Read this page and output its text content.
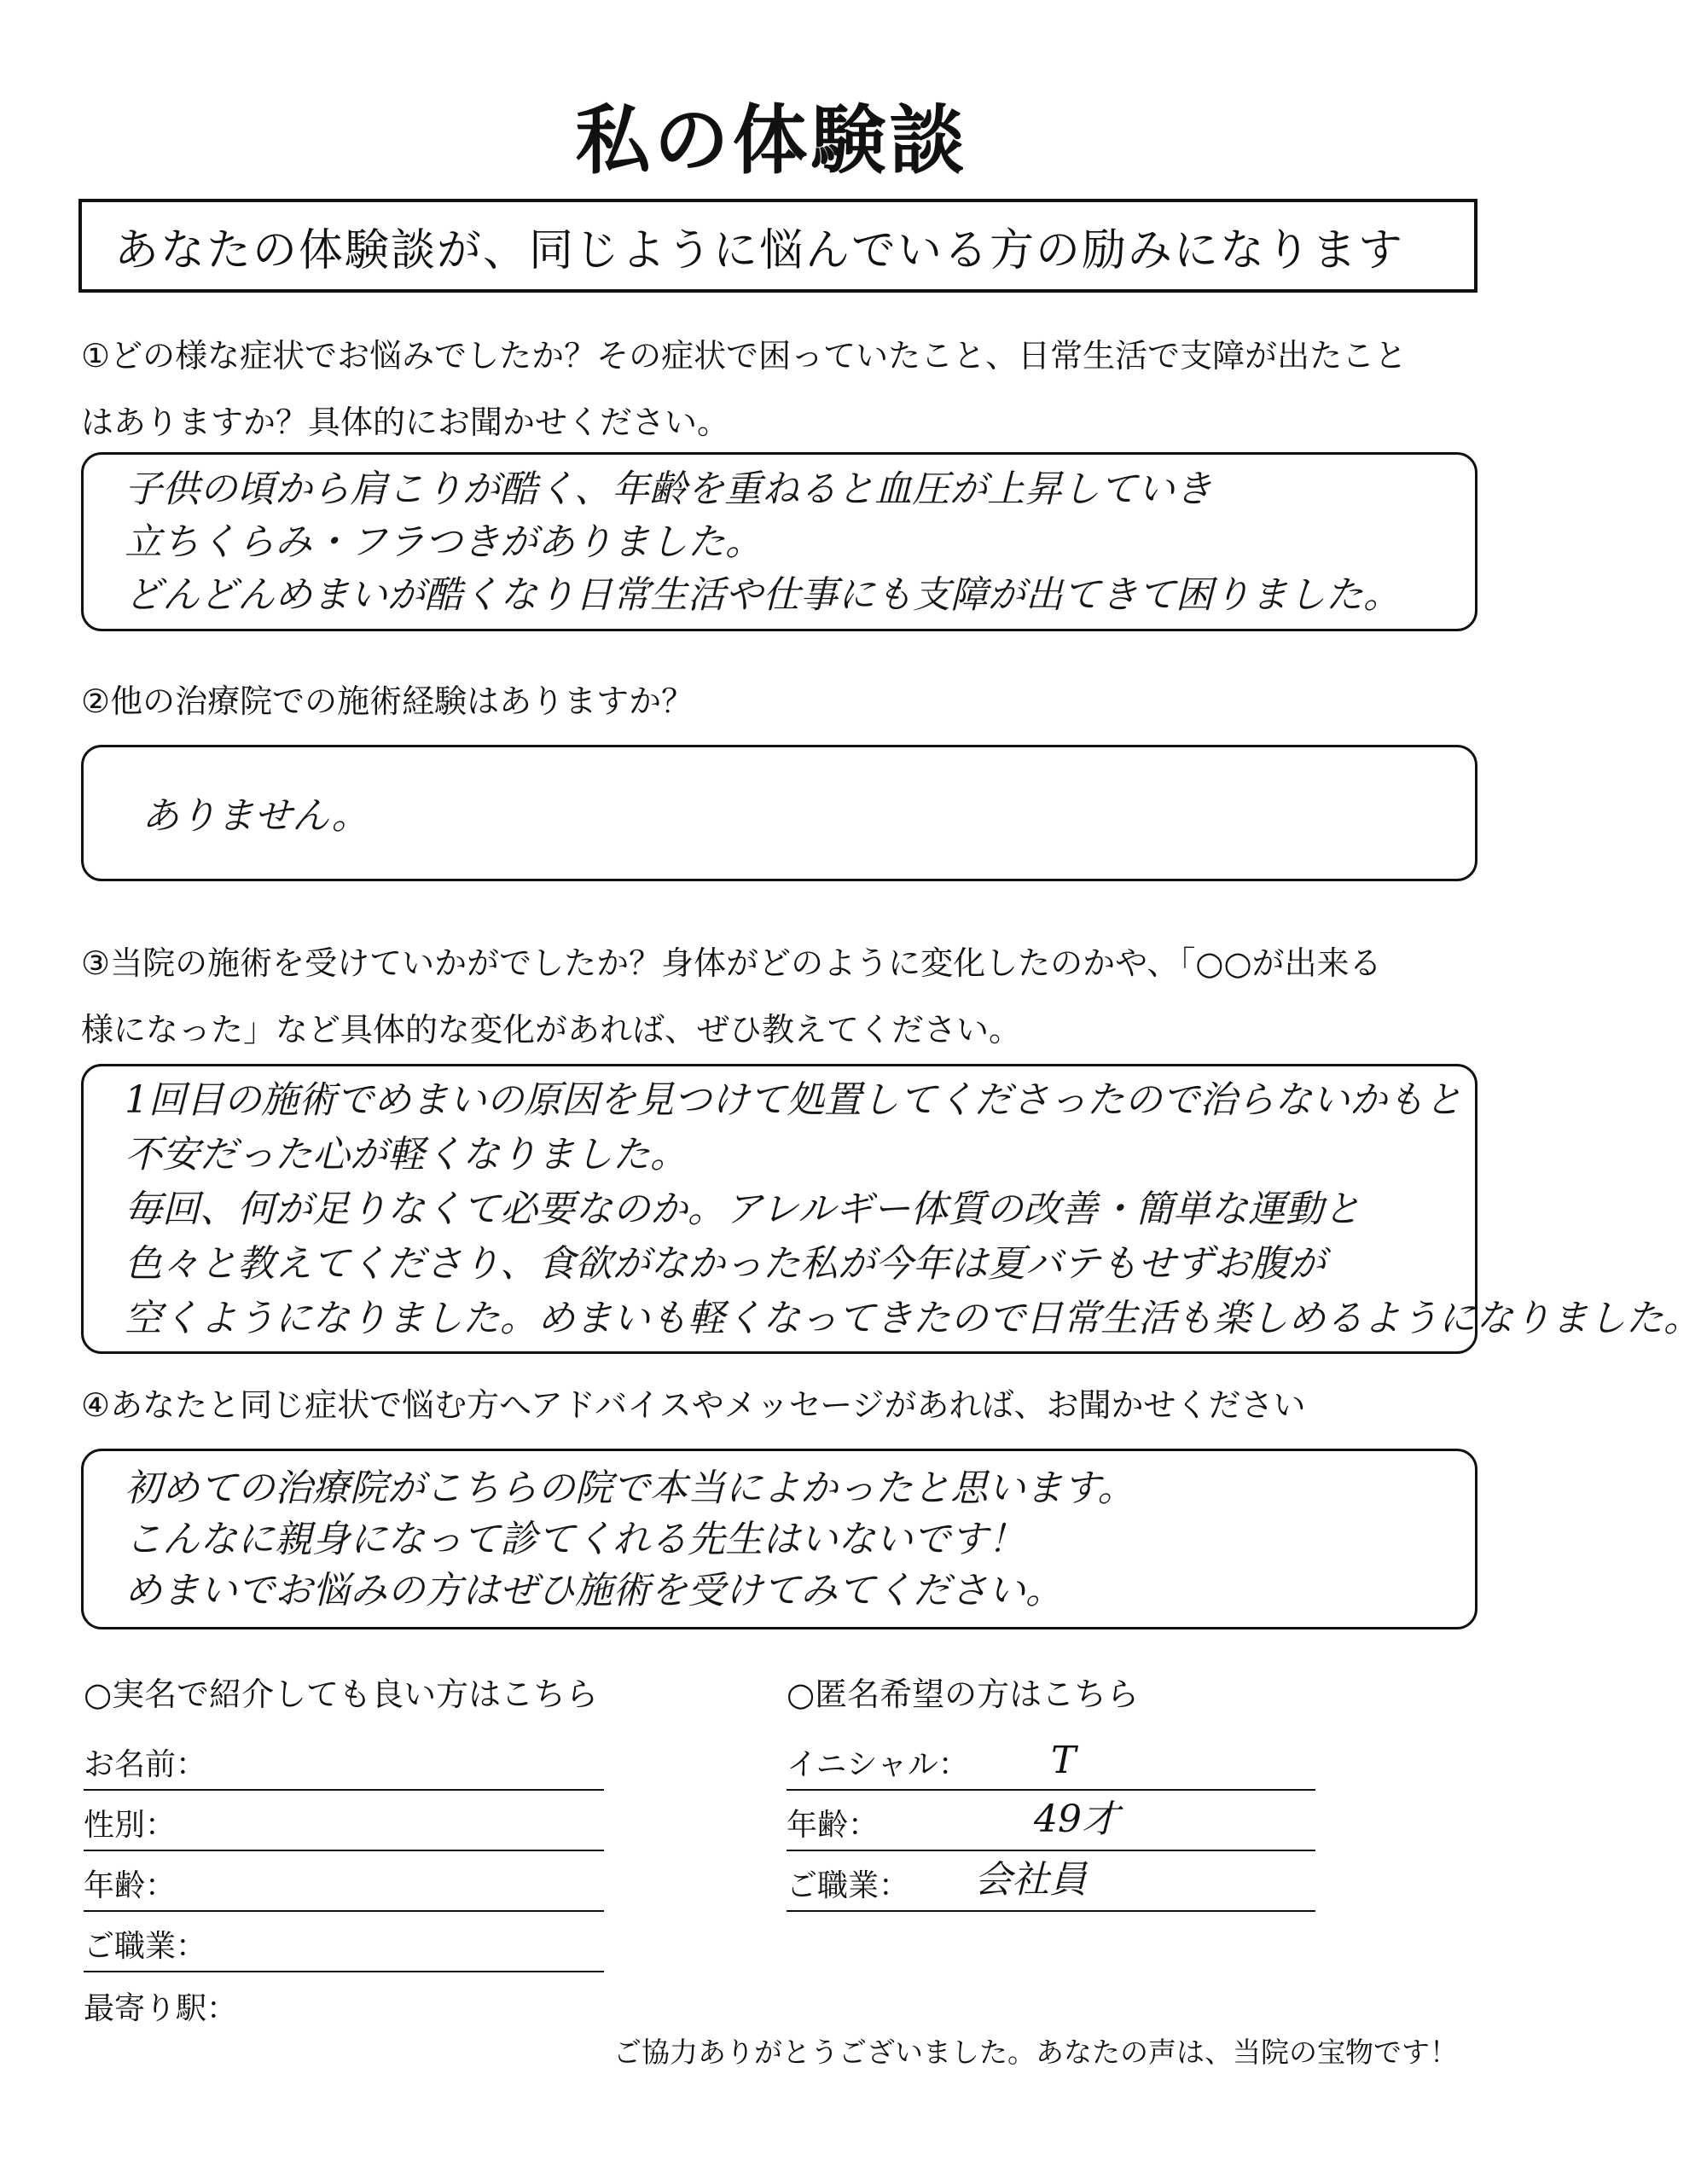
私の体験談
あなたの体験談が、同じように悩んでいる方の励みになります
①どの様な症状でお悩みでしたか？その症状で困っていたこと、日常生活で支障が出たこと
はありますか？具体的にお聞かせください。
子供の頃から肩こりが酷く、年齢を重ねると血圧が上昇していき
立ちくらみ・フラつきがありました。
どんどんめまいが酷くなり日常生活や仕事にも支障が出てきて困りました。
②他の治療院での施術経験はありますか？
ありません。
③当院の施術を受けていかがでしたか？身体がどのように変化したのかや、「○○が出来る
様になった」など具体的な変化があれば、ぜひ教えてください。
1回目の施術でめまいの原因を見つけて処置してくださったので治らないかもと
不安だった心が軽くなりました。
毎回、何が足りなくて必要なのか。アレルギー体質の改善・簡単な運動と
色々と教えてくださり、食欲がなかった私が今年は夏バテもせずお腹が
空くようになりました。めまいも軽くなってきたので日常生活も楽しめるようになりました。
④あなたと同じ症状で悩む方へアドバイスやメッセージがあれば、お聞かせください
初めての治療院がこちらの院で本当によかったと思います。
こんなに親身になって診てくれる先生はいないです！
めまいでお悩みの方はぜひ施術を受けてみてください。
○実名で紹介しても良い方はこちら
お名前：
性別：
年齢：
ご職業：
最寄り駅：
○匿名希望の方はこちら
イニシャル： T
年齢：	49才
ご職業： 会社員
ご協力ありがとうございました。あなたの声は、当院の宝物です！
